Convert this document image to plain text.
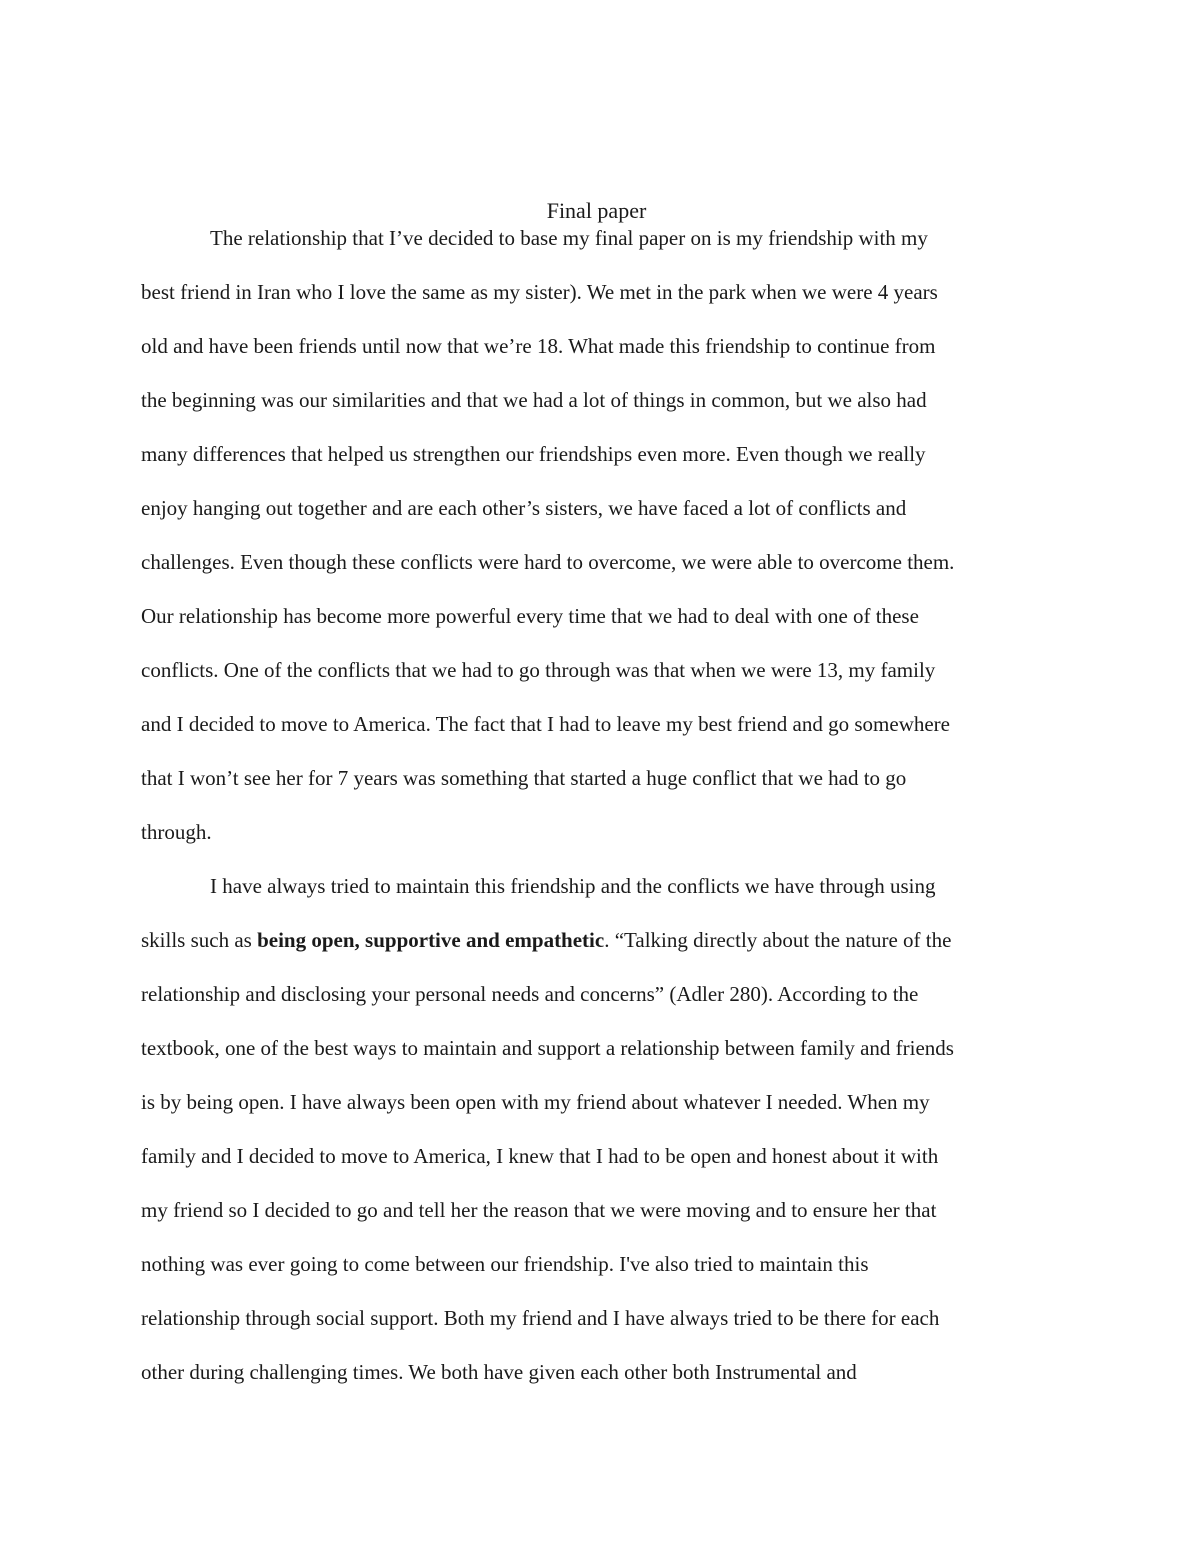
Final paper
The relationship that I’ve decided to base my final paper on is my friendship with my
best friend in Iran who I love the same as my sister). We met in the park when we were 4 years
old and have been friends until now that we’re 18. What made this friendship to continue from
the beginning was our similarities and that we had a lot of things in common, but we also had
many differences that helped us strengthen our friendships even more. Even though we really
enjoy hanging out together and are each other’s sisters, we have faced a lot of conflicts and
challenges. Even though these conflicts were hard to overcome, we were able to overcome them.
Our relationship has become more powerful every time that we had to deal with one of these
conflicts. One of the conflicts that we had to go through was that when we were 13, my family
and I decided to move to America. The fact that I had to leave my best friend and go somewhere
that I won’t see her for 7 years was something that started a huge conflict that we had to go
through.
I have always tried to maintain this friendship and the conflicts we have through using
skills such as being open, supportive and empathetic. “Talking directly about the nature of the
relationship and disclosing your personal needs and concerns” (Adler 280). According to the
textbook, one of the best ways to maintain and support a relationship between family and friends
is by being open. I have always been open with my friend about whatever I needed. When my
family and I decided to move to America, I knew that I had to be open and honest about it with
my friend so I decided to go and tell her the reason that we were moving and to ensure her that
nothing was ever going to come between our friendship. I've also tried to maintain this
relationship through social support. Both my friend and I have always tried to be there for each
other during challenging times. We both have given each other both Instrumental and
